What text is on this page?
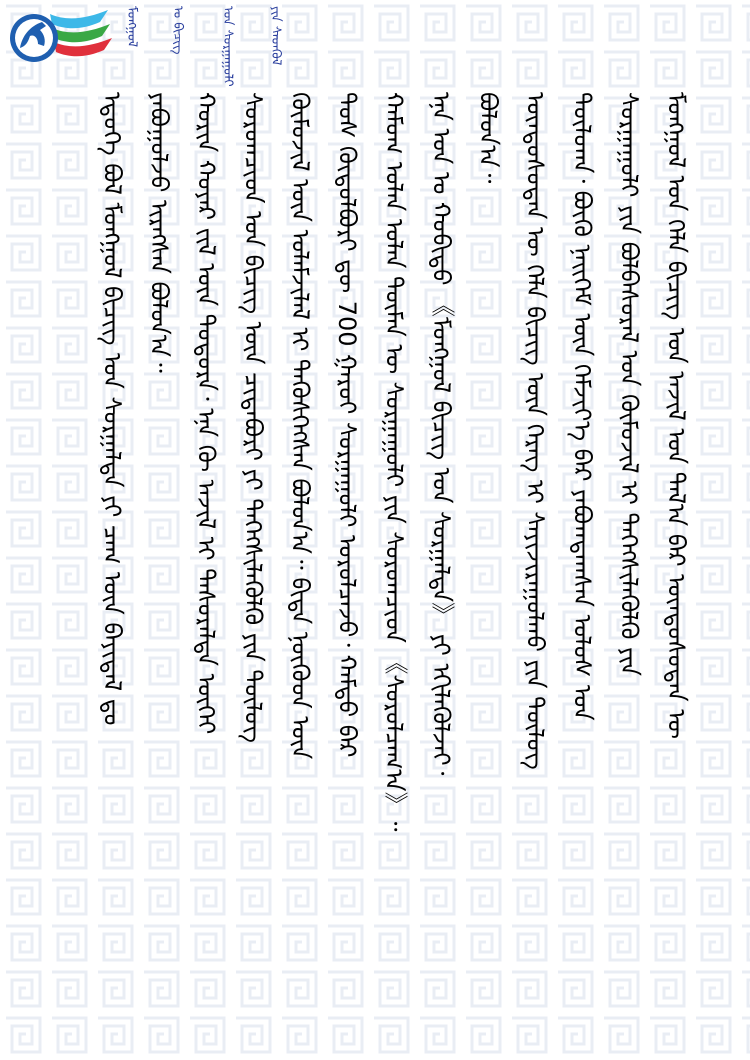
ᠮᠣᠩᠭᠣᠯ ᠤ ᠪᠢᠴᠢᠭ	ᠤᠨ ᠰᠤᠷᠭᠠᠭᠤᠯᠢ	ᠶᠢᠨ ᠰᠡᠳᠬᠦᠯ
ᠮᠣᠩᠭᠣᠯ ᠤᠨ ᠬᠡᠯᠡ ᠪᠢᠴᠢᠭ ᠤᠨ ᠠᠵᠢᠯ ᠤᠨ ᠲᠠᠯ᠎ᠠ ᠪᠠᠷ ᠦᠨᠳᠦᠰᠦᠲᠡᠨ ᠦ
ᠰᠤᠷᠭᠠᠭᠤᠯᠢ ᠶᠢᠨ ᠪᠣᠯᠪᠠᠰᠤᠷᠠᠯ ᠤᠨ ᠬᠦᠮᠦᠵᠢᠯ ᠢ ᠳᠡᠭᠡᠭᠰᠢᠯᠡᠭᠦᠯᠬᠦ ᠶᠢᠨ
ᠲᠥᠯᠦᠭ᠍ᠡ᠂ ᠪᠦᠬᠦ ᠨᠡᠢᠭᠡᠮ ᠦᠨ ᠬᠡᠮᠵᠢᠶ᠎ᠡ ᠪᠡᠷ ᠶᠠᠪᠤᠭᠳᠠᠭᠰᠠᠨ ᠤᠯᠤᠰ ᠤᠨ
ᠦᠨᠳᠦᠰᠦᠲᠡᠨ ᠦ ᠬᠡᠯᠡ ᠪᠢᠴᠢᠭ ᠦᠨ ᠬᠡᠷᠡᠭ ᠢ ᠰᠠᠶᠢᠵᠢᠷᠠᠭᠤᠯᠬᠤ ᠶᠢᠨ ᠲᠥᠯᠦᠭ
ᠪᠣᠯᠤᠨ᠎ᠠ᠃
ᠡᠨᠡ ᠣᠨ ᠤ ᠬᠤᠪᠢᠳᠤ 《ᠮᠣᠩᠭᠣᠯ ᠪᠢᠴᠢᠭ ᠤᠨ ᠰᠤᠷᠭᠠᠯᠲᠠ》 ᠶᠢ ᠡᠬᠢᠯᠡᠭᠦᠯᠵᠡᠢ᠂
ᠬᠠᠮᠤᠭ ᠤᠯᠠᠨ ᠣᠯᠠᠨ ᠲᠦᠮᠡᠨ ᠦ ᠰᠤᠷᠭᠠᠭᠤᠯᠢ ᠶᠢᠨ ᠰᠤᠷᠤᠭᠴᠢᠳ 《ᠰᠤᠷᠤᠯᠴᠠᠭ᠎ᠠ》᠃
ᠲᠤᠰ ᠬᠥᠲᠦᠯᠪᠦᠷᠢ ᠳᠦ 700 ᠭᠠᠷᠤᠢ ᠰᠤᠷᠭᠠᠭᠤᠯᠢ ᠣᠷᠤᠯᠴᠠᠵᠤ᠂ ᠬᠠᠮᠲᠤ ᠪᠠᠷ
ᠬᠦᠮᠦᠵᠢᠯ ᠦᠨ ᠤᠯᠠᠮᠵᠢᠯᠠᠯ ᠢ ᠲᠡᠭᠦᠰᠬᠡᠭᠰᠡᠨ ᠪᠣᠯᠤᠨ᠎ᠠ᠃ ᠪᠢᠳᠡ ᠨᠦᠭᠦᠳ ᠦᠨ
ᠰᠤᠷᠤᠭᠴᠢᠳ ᠤᠨ ᠪᠢᠴᠢᠭ ᠦᠨ ᠴᠢᠳᠠᠪᠤᠷᠢ ᠶᠢ ᠳᠡᠭᠡᠭᠰᠢᠯᠡᠭᠦᠯᠬᠦ ᠶᠢᠨ ᠲᠥᠯᠦᠭ
ᠬᠣᠷᠢᠨ ᠬᠣᠶᠠᠷ ᠵᠢᠯ ᠦᠨ ᠳᠣᠲᠣᠷᠠ᠂ ᠡᠨᠡ ᠬᠦ ᠠᠵᠢᠯ ᠢ ᠲᠠᠰᠤᠷᠠᠯᠲᠠ ᠦᠭᠡᠢ
ᠶᠠᠪᠤᠭᠤᠯᠵᠤ ᠢᠷᠡᠭᠰᠡᠨ ᠪᠣᠯᠤᠨ᠎ᠠ᠃
ᠡᠳᠦᠭᠡ ᠪᠣᠯ ᠮᠣᠩᠭᠣᠯ ᠪᠢᠴᠢᠭ ᠤᠨ ᠰᠤᠷᠭᠠᠯᠲᠠ ᠶᠢ ᠴᠠᠭ ᠦᠨ ᠪᠠᠶᠢᠳᠠᠯ ᠳᠤ
